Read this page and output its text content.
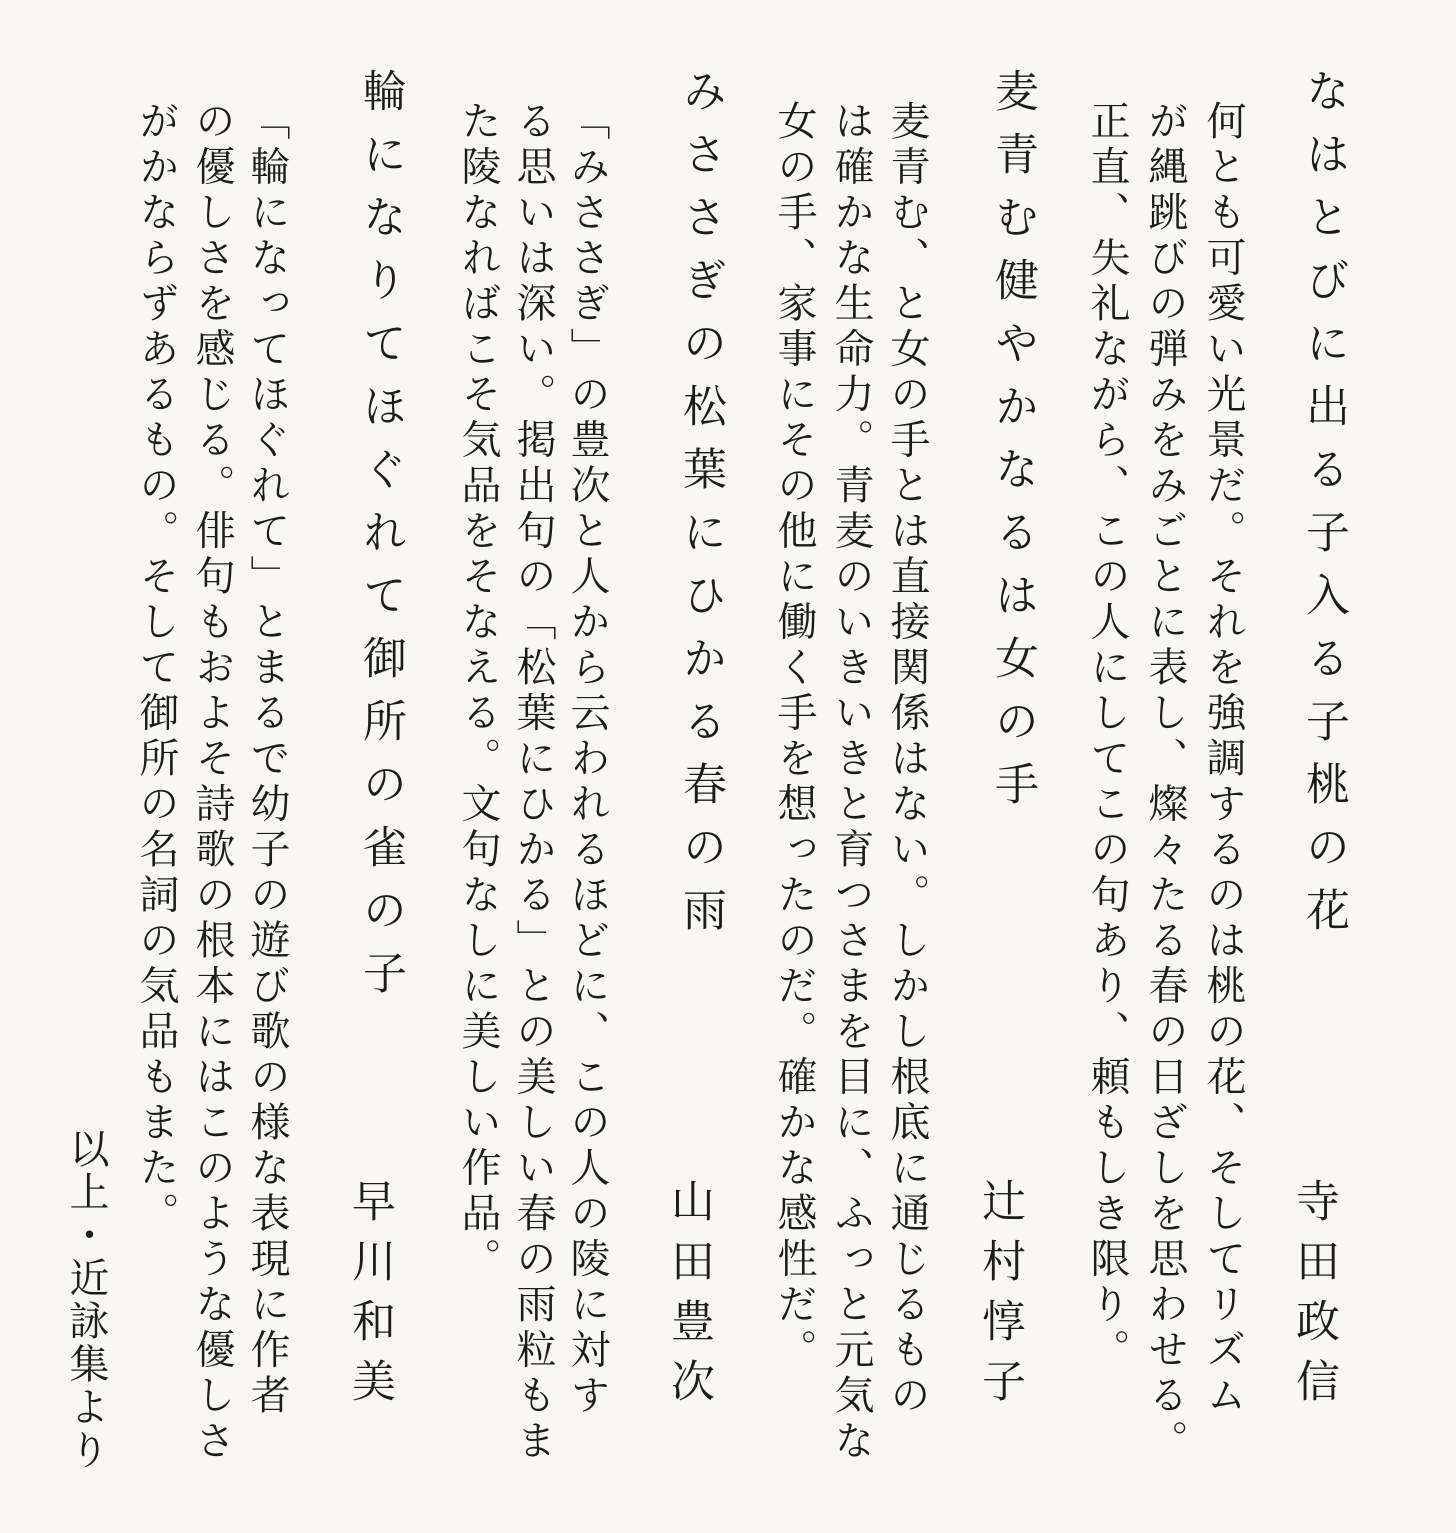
なはとびに出る子入る子桃の花
寺田政信
何とも可愛い光景だ。それを強調するのは桃の花、そしてリズム
が縄跳びの弾みをみごとに表し、燦々たる春の日ざしを思わせる。
正直、失礼ながら、この人にしてこの句あり、頼もしき限り。
麦青む健やかなるは女の手
辻村惇子
麦青む、と女の手とは直接関係はない。しかし根底に通じるもの
は確かな生命力。青麦のいきいきと育つさまを目に、ふっと元気な
女の手、家事にその他に働く手を想ったのだ。確かな感性だ。
みささぎの松葉にひかる春の雨
山田豊次
「みささぎ」の豊次と人から云われるほどに、この人の陵に対す
る思いは深い。掲出句の「松葉にひかる」との美しい春の雨粒もま
た陵なればこそ気品をそなえる。文句なしに美しい作品。
輪になりてほぐれて御所の雀の子
早川和美
「輪になってほぐれて」とまるで幼子の遊び歌の様な表現に作者
の優しさを感じる。俳句もおよそ詩歌の根本にはこのような優しさ
がかならずあるもの。そして御所の名詞の気品もまた。
以上・近詠集より
